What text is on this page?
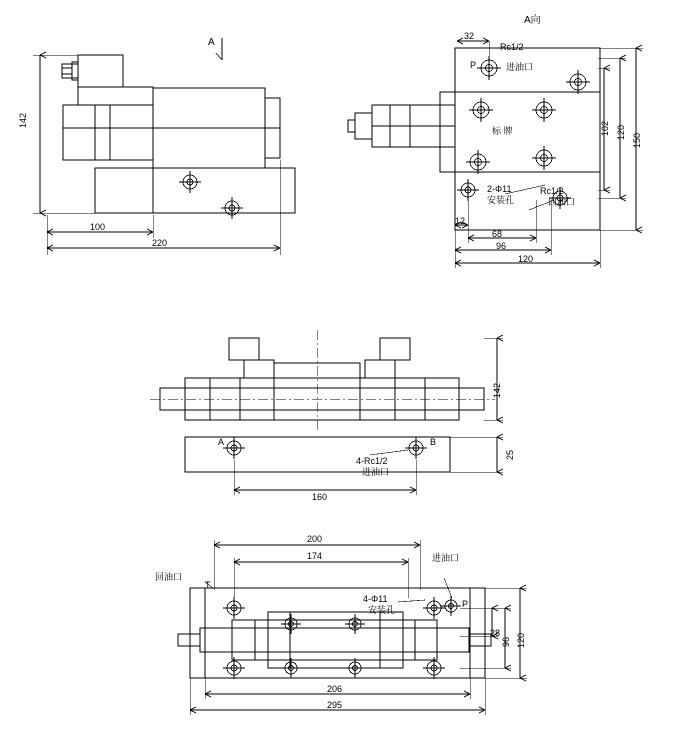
142
100
220
A
A向
32
Rc1/2
P	进油口
标 牌
2-Φ11
安装孔
Rc1/2
回油口
12
68
96
120
102 120
150
142
25
160
A	B
4-Rc1/2
进油口
200
174
回油口
T
进油口
P
4-Φ11
安装孔
28
96 120
206
295
